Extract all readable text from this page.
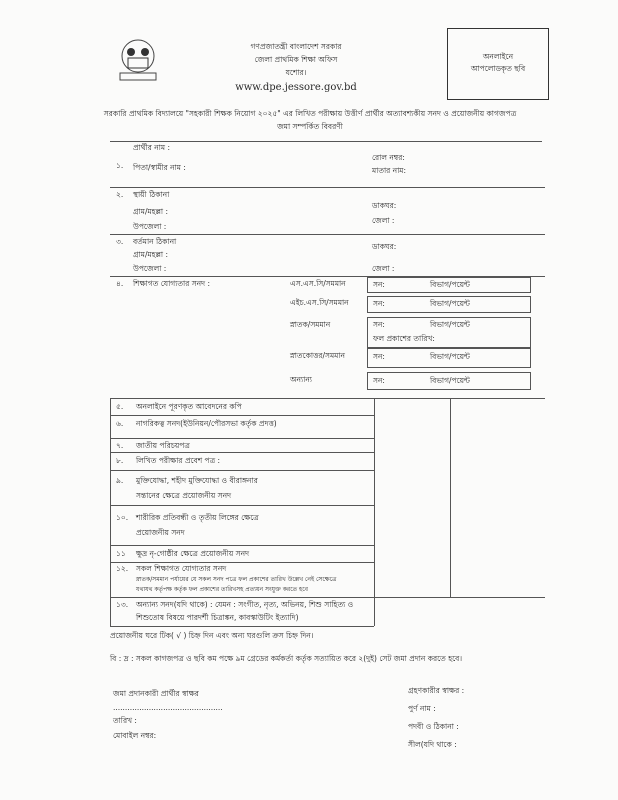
গণপ্রজাতন্ত্রী বাংলাদেশ সরকার
জেলা প্রাথমিক শিক্ষা অফিস
যশোর।
www.dpe.jessore.gov.bd
অনলাইনে
আপলোডকৃত ছবি
সরকারি প্রাথমিক বিদ্যালয়ে "সহকারী শিক্ষক নিয়োগ ২০২৫" এর লিখিত পরীক্ষায় উত্তীর্ণ প্রার্থীর অত্যাবশ্যকীয় সনদ ও প্রয়োজনীয় কাগজপত্র
জমা সম্পর্কিত বিবরণী
প্রার্থীর নাম :
১. পিতা/স্বামীর নাম :
রোল নম্বর:
মাতার নাম:
২. স্থায়ী ঠিকানা
গ্রাম/মহল্লা :
উপজেলা :
ডাকঘর:
জেলা :
৩. বর্তমান ঠিকানা
গ্রাম/মহল্লা :
উপজেলা :
ডাকঘর:
জেলা :
৪. শিক্ষাগত যোগ্যতার সনদ :	এস.এস.সি/সমমান	সন:	বিভাগ/পয়েন্ট
এইচ.এস.সি/সমমান	সন:	বিভাগ/পয়েন্ট
স্নাতক/সমমান	সন:	বিভাগ/পয়েন্ট
ফল প্রকাশের তারিখ:
স্নাতকোত্তর/সমমান	সন:	বিভাগ/পয়েন্ট
অন্যান্য	সন:	বিভাগ/পয়েন্ট
৫. অনলাইনে পূরণকৃত আবেদনের কপি
৬. নাগরিকত্ব সনদ(ইউনিয়ন/পৌরসভা কর্তৃক প্রদত্ত)
৭. জাতীয় পরিচয়পত্র
৮. লিখিত পরীক্ষার প্রবেশ পত্র :
৯. মুক্তিযোদ্ধা, শহীদ মুক্তিযোদ্ধা ও বীরাঙ্গনার
সন্তানের ক্ষেত্রে প্রয়োজনীয় সনদ
১০. শারীরিক প্রতিবন্ধী ও তৃতীয় লিঙ্গের ক্ষেত্রে
প্রয়োজনীয় সনদ
১১ ক্ষুদ্র নৃ-গোষ্ঠীর ক্ষেত্রে প্রয়োজনীয় সনদ
১২. সকল শিক্ষাগত যোগ্যতার সনদ
স্নাতক/সমমান পর্যায়ের যে সকল সনদ পত্রে ফল প্রকাশের তারিখ উল্লেখ নেই সেক্ষেত্রে
যথাযথ কর্তৃপক্ষ কর্তৃক ফল প্রকাশের তারিখসহ প্রত্যয়ন সংযুক্ত করতে হবে
১৩. অন্যান্য সনদ(যদি থাকে) : যেমন : সংগীত, নৃত্য, অভিনয়, শিশু সাহিত্য ও
শিশুতোষ বিষয়ে পারদর্শী চিত্রাঙ্কন, কাবস্কাউটিং ইত্যাদি)
প্রয়োজনীয় ঘরে টিক( √ ) চিহ্ন দিন এবং অন্য ঘরগুলি ক্রস চিহ্ন দিন।
বি : দ্র : সকল কাগজপত্র ও ছবি কম পক্ষে ৯ম গ্রেডের কর্মকর্তা কর্তৃক সত্যায়িত করে ২(দুই) সেট জমা প্রদান করতে হবে।
জমা প্রদানকারী প্রার্থীর স্বাক্ষর
..............................................
তারিখ :
মোবাইল নম্বর:
গ্রহণকারীর স্বাক্ষর :
পুর্ণ নাম :
পদবী ও ঠিকানা :
সীল(যদি থাকে :
